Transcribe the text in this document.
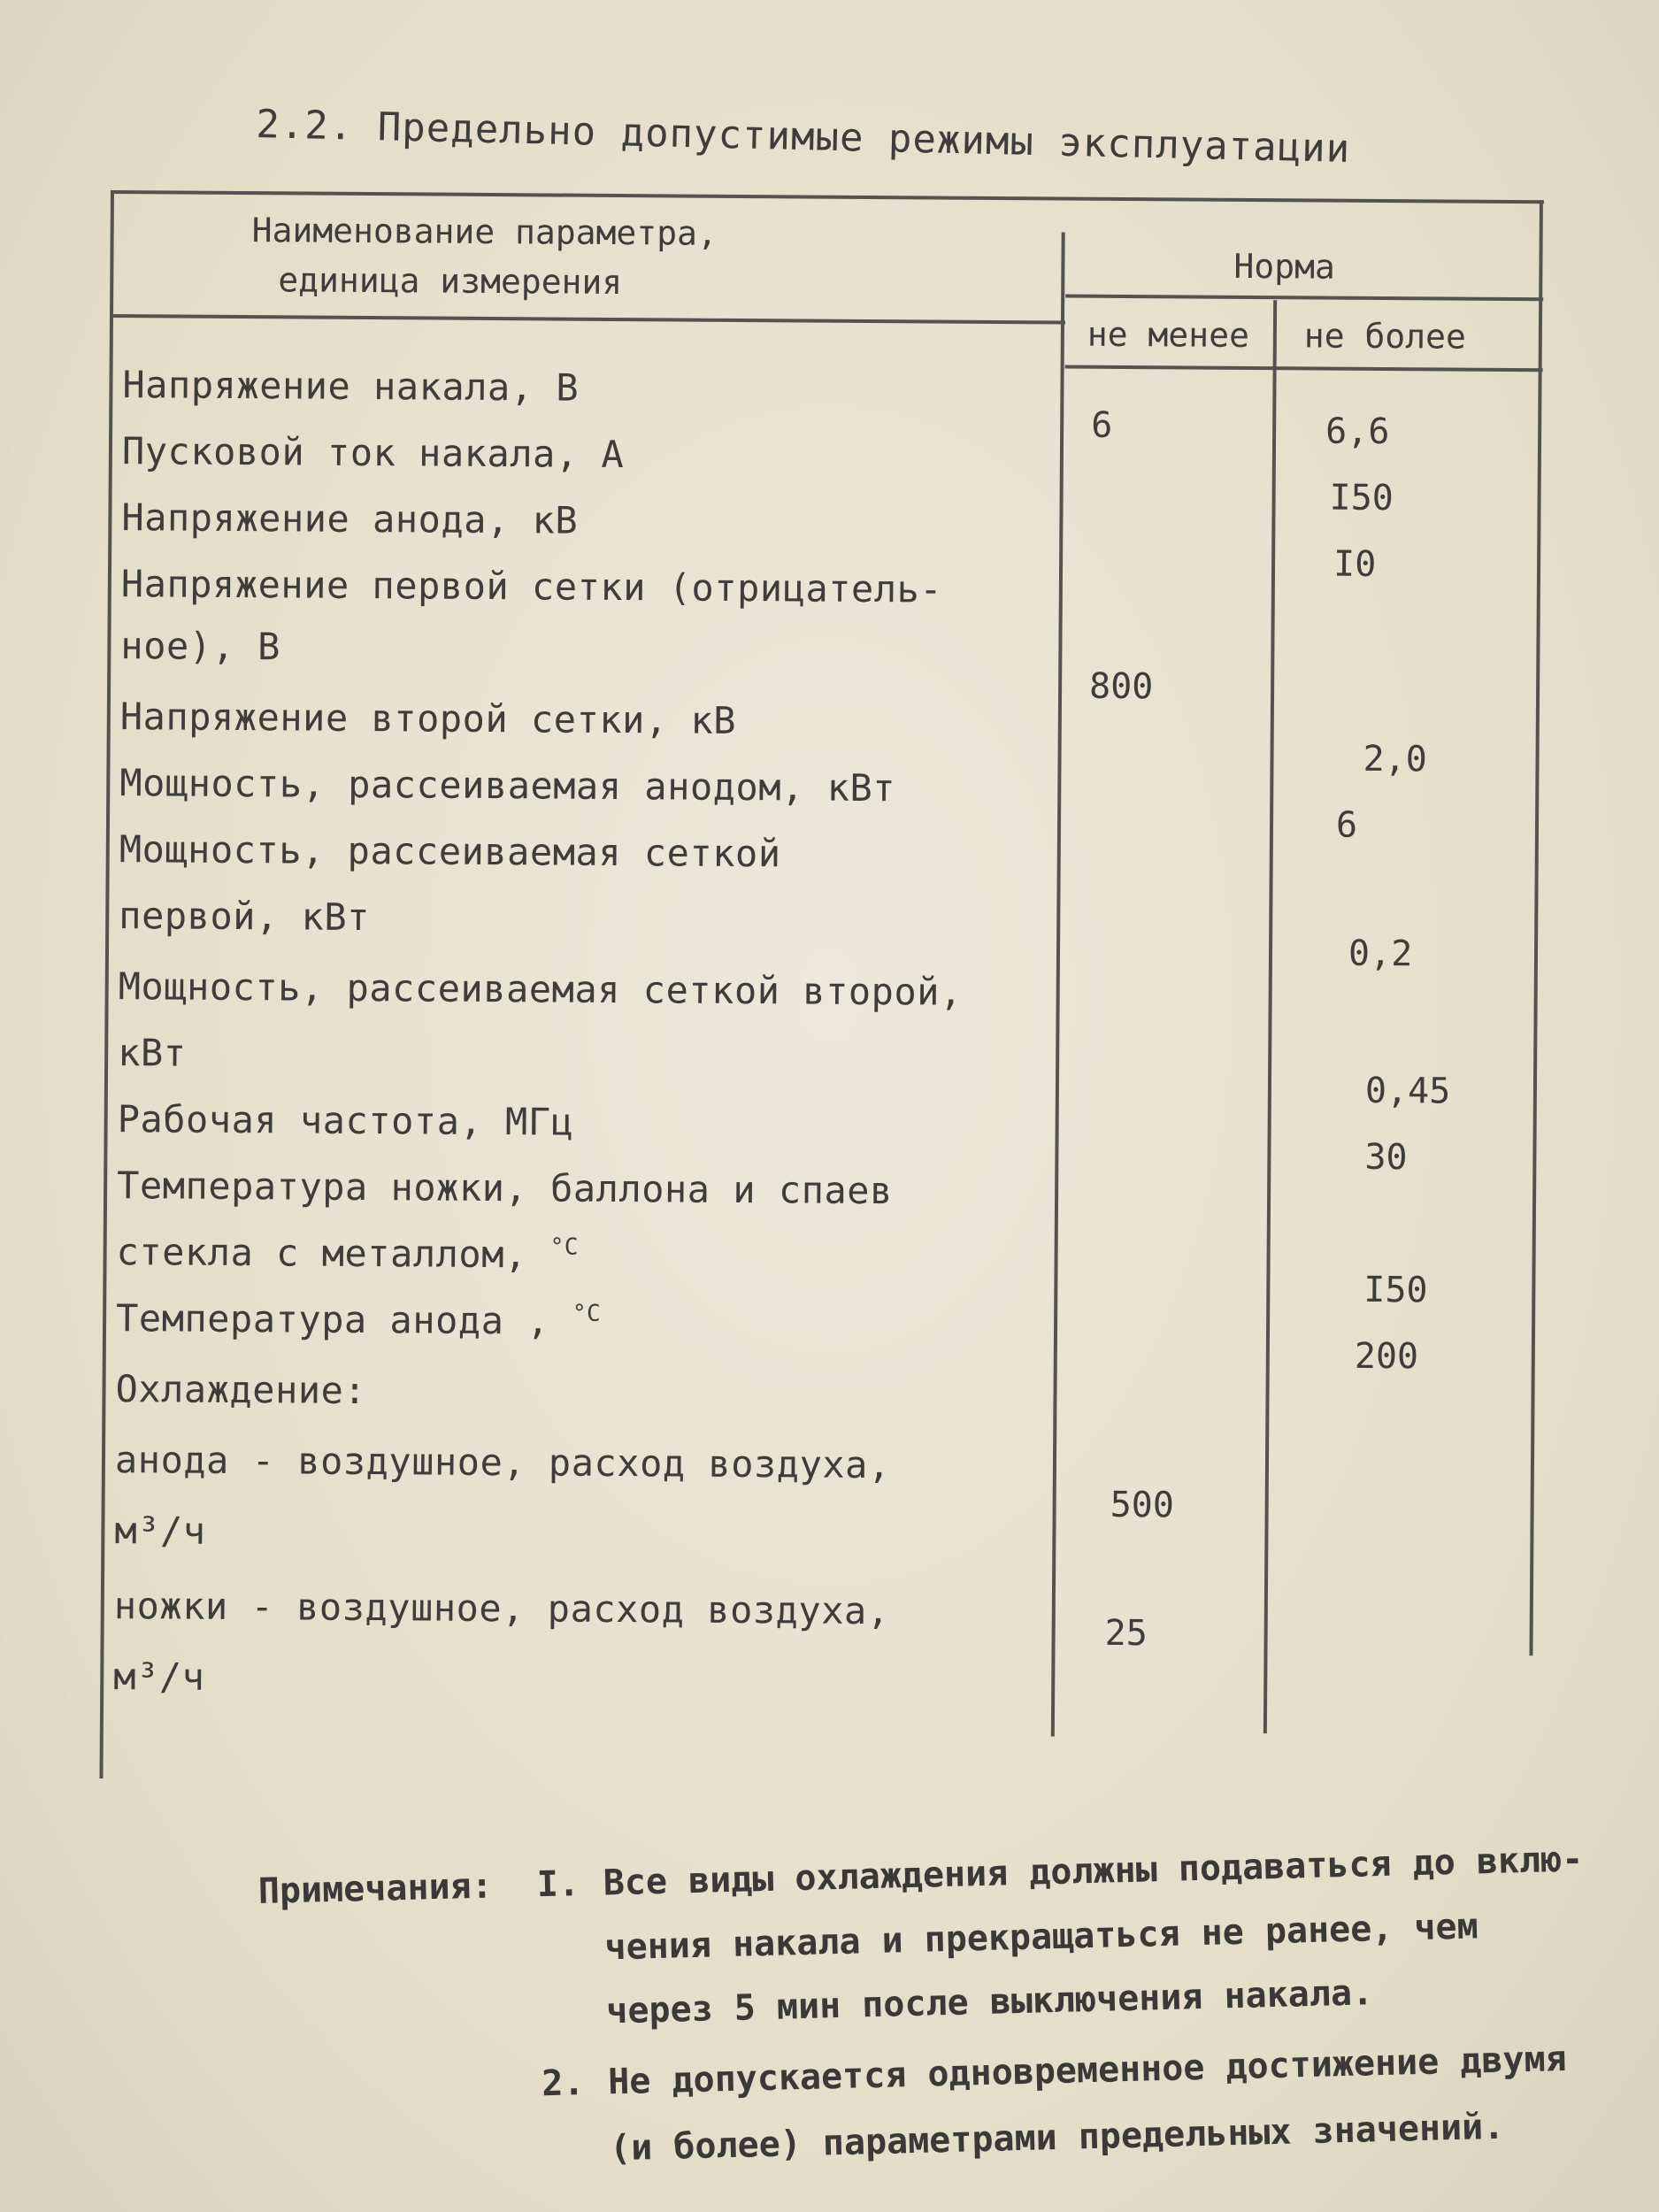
2.2. Предельно допустимые режимы эксплуатации
Наименование параметра,
единица измерения	Норма
не менее не более
Напряжение накала, В
6	6,6
Пусковой ток накала, А
I50
Напряжение анода, кВ
I0
Напряжение первой сетки (отрицатель-
ное), В
800
Напряжение второй сетки, кВ
2,0
Мощность, рассеиваемая анодом, кВт
6
Мощность, рассеиваемая сеткой
первой, кВт
0,2
Мощность, рассеиваемая сеткой второй,
кВт
0,45
Рабочая частота, МГц
30
Температура ножки, баллона и спаев
стекла с металлом, $^{^\circ C}$
I50
Температура анода , $^{^\circ C}$
200
Охлаждение:
анода - воздушное, расход воздуха,
м³/ч
500
ножки - воздушное, расход воздуха,
м³/ч
25
Примечания: I. Все виды охлаждения должны подаваться до вклю-
чения накала и прекращаться не ранее, чем
через 5 мин после выключения накала.
2. Не допускается одновременное достижение двумя
(и более) параметрами предельных значений.
